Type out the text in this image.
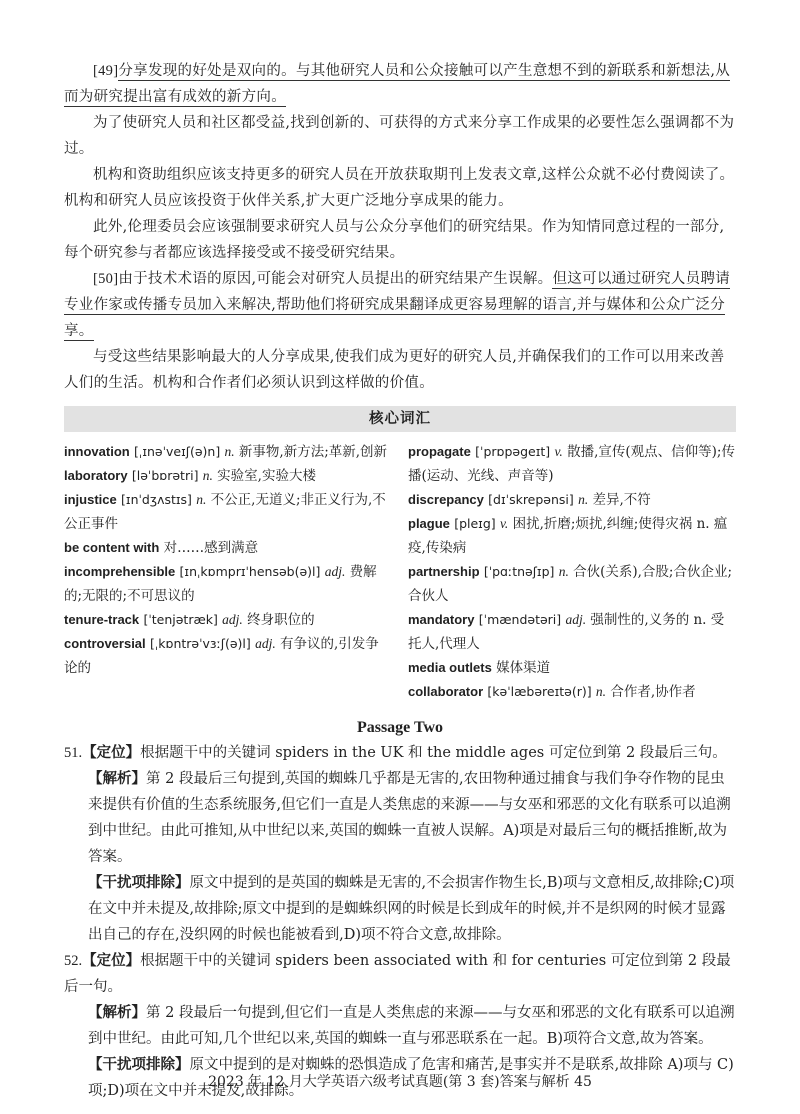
[49]分享发现的好处是双向的。与其他研究人员和公众接触可以产生意想不到的新联系和新想法,从而为研究提出富有成效的新方向。

为了使研究人员和社区都受益,找到创新的、可获得的方式来分享工作成果的必要性怎么强调都不为过。

机构和资助组织应该支持更多的研究人员在开放获取期刊上发表文章,这样公众就不必付费阅读了。机构和研究人员应该投资于伙伴关系,扩大更广泛地分享成果的能力。

此外,伦理委员会应该强制要求研究人员与公众分享他们的研究结果。作为知情同意过程的一部分,每个研究参与者都应该选择接受或不接受研究结果。

[50]由于技术术语的原因,可能会对研究人员提出的研究结果产生误解。但这可以通过研究人员聘请专业作家或传播专员加入来解决,帮助他们将研究成果翻译成更容易理解的语言,并与媒体和公众广泛分享。

与受这些结果影响最大的人分享成果,使我们成为更好的研究人员,并确保我们的工作可以用来改善人们的生活。机构和合作者们必须认识到这样做的价值。

核心词汇

innovation [ˌɪnəˈveɪʃ(ə)n] n. 新事物,新方法;革新,创新

laboratory [ləˈbɒrətri] n. 实验室,实验大楼

injustice [ɪnˈdʒʌstɪs] n. 不公正,无道义;非正义行为,不公正事件

be content with 对……感到满意

incomprehensible [ɪnˌkɒmprɪˈhensəb(ə)l] adj. 费解的;无限的;不可思议的

tenure-track [ˈtenjətræk] adj. 终身职位的

controversial [ˌkɒntrəˈvɜːʃ(ə)l] adj. 有争议的,引发争论的

propagate [ˈprɒpəgeɪt] v. 散播,宣传(观点、信仰等);传播(运动、光线、声音等)

discrepancy [dɪˈskrepənsi] n. 差异,不符

plague [pleɪg] v. 困扰,折磨;烦扰,纠缠;使得灾祸 n. 瘟疫,传染病

partnership [ˈpɑːtnəʃɪp] n. 合伙(关系),合股;合伙企业;合伙人

mandatory [ˈmændətəri] adj. 强制性的,义务的 n. 受托人,代理人

media outlets 媒体渠道

collaborator [kəˈlæbəreɪtə(r)] n. 合作者,协作者

Passage Two

51.【定位】根据题干中的关键词 spiders in the UK 和 the middle ages 可定位到第 2 段最后三句。

【解析】第 2 段最后三句提到,英国的蜘蛛几乎都是无害的,农田物种通过捕食与我们争夺作物的昆虫来提供有价值的生态系统服务,但它们一直是人类焦虑的来源——与女巫和邪恶的文化有联系可以追溯到中世纪。由此可推知,从中世纪以来,英国的蜘蛛一直被人误解。A)项是对最后三句的概括推断,故为答案。

【干扰项排除】原文中提到的是英国的蜘蛛是无害的,不会损害作物生长,B)项与文意相反,故排除;C)项在文中并未提及,故排除;原文中提到的是蜘蛛织网的时候是长到成年的时候,并不是织网的时候才显露出自己的存在,没织网的时候也能被看到,D)项不符合文意,故排除。

52.【定位】根据题干中的关键词 spiders been associated with 和 for centuries 可定位到第 2 段最后一句。

【解析】第 2 段最后一句提到,但它们一直是人类焦虑的来源——与女巫和邪恶的文化有联系可以追溯到中世纪。由此可知,几个世纪以来,英国的蜘蛛一直与邪恶联系在一起。B)项符合文意,故为答案。

【干扰项排除】原文中提到的是对蜘蛛的恐惧造成了危害和痛苦,是事实并不是联系,故排除 A)项与 C)项;D)项在文中并未提及,故排除。

2023 年 12 月大学英语六级考试真题(第 3 套)答案与解析 45
